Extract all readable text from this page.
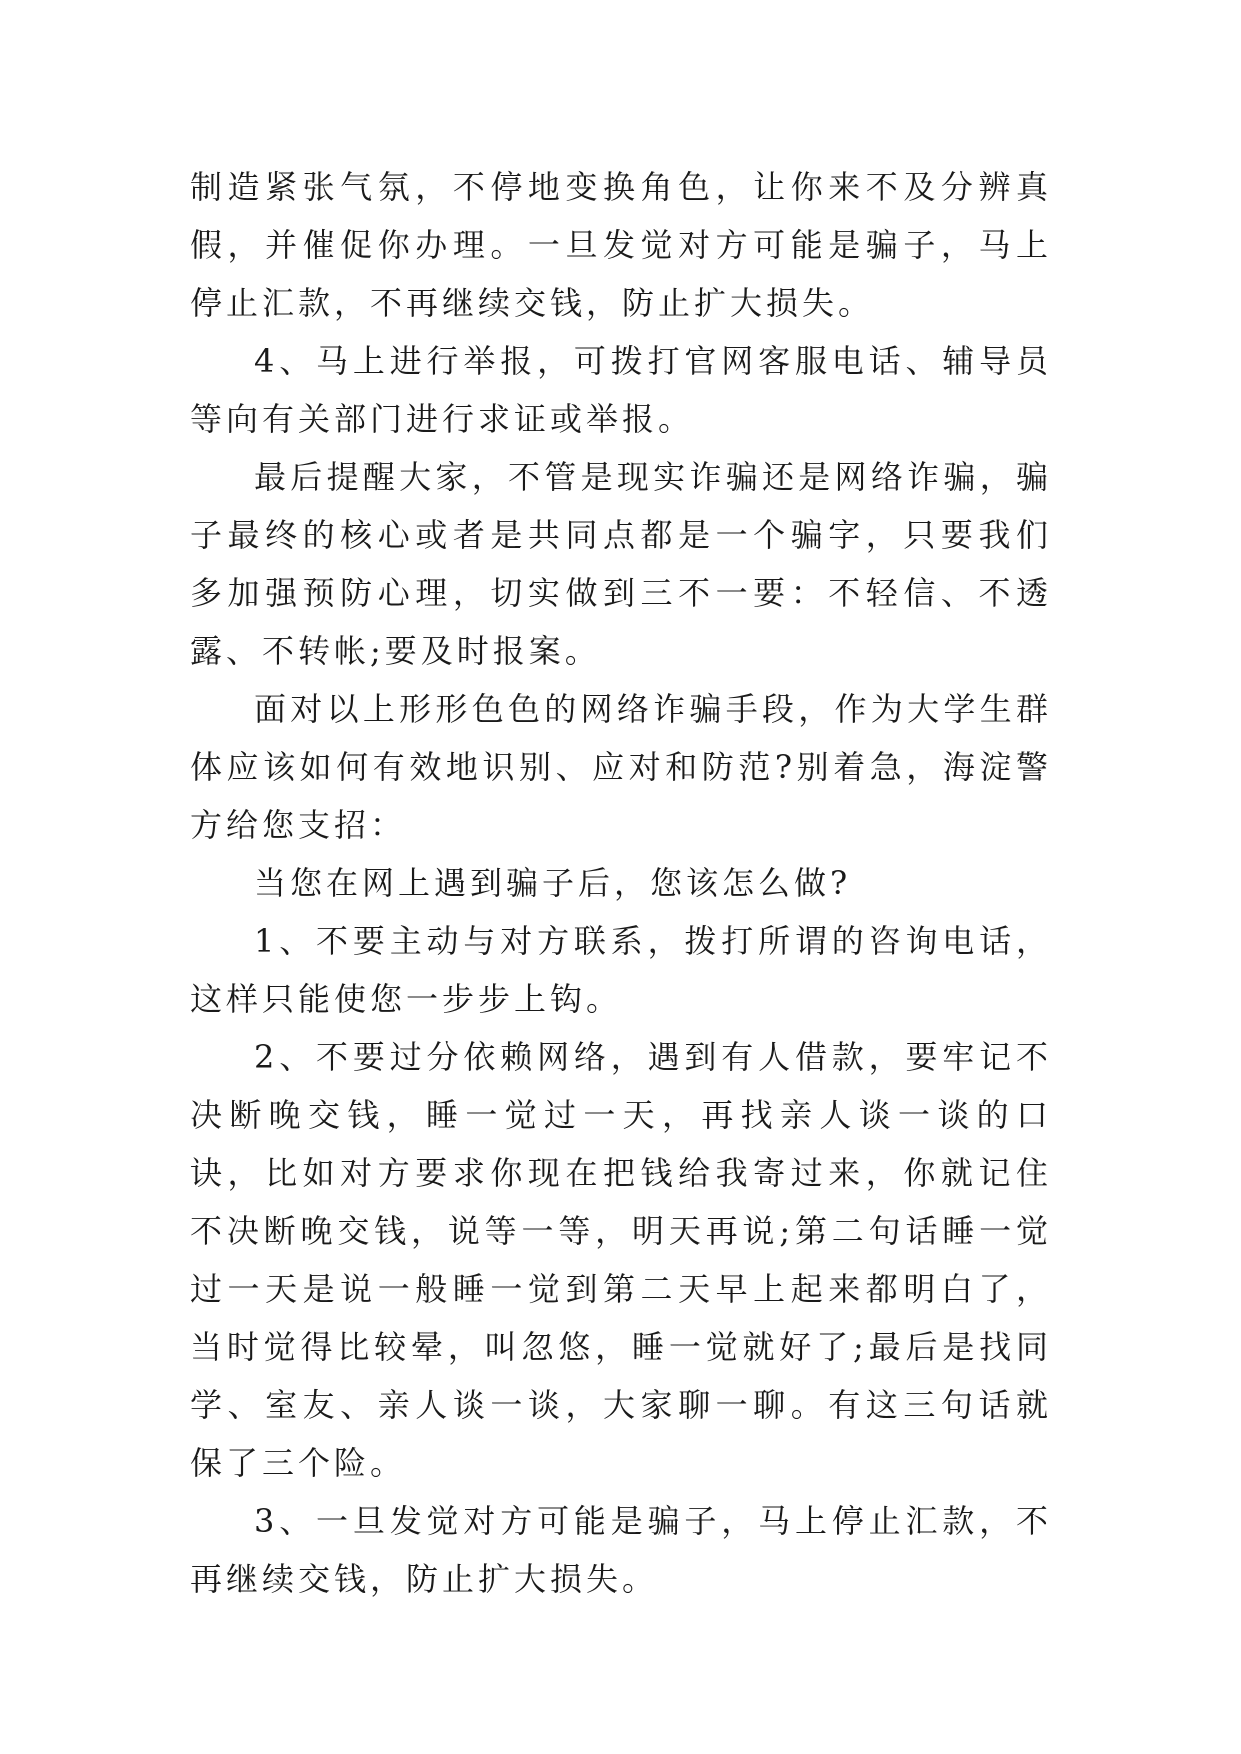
制造紧张气氛，不停地变换角色，让你来不及分辨真假，并催促你办理。一旦发觉对方可能是骗子，马上停止汇款，不再继续交钱，防止扩大损失。

4、马上进行举报，可拨打官网客服电话、辅导员等向有关部门进行求证或举报。

最后提醒大家，不管是现实诈骗还是网络诈骗，骗子最终的核心或者是共同点都是一个骗字，只要我们多加强预防心理，切实做到三不一要：不轻信、不透露、不转帐;要及时报案。

面对以上形形色色的网络诈骗手段，作为大学生群体应该如何有效地识别、应对和防范?别着急，海淀警方给您支招：

当您在网上遇到骗子后，您该怎么做?

1、不要主动与对方联系，拨打所谓的咨询电话，这样只能使您一步步上钩。

2、不要过分依赖网络，遇到有人借款，要牢记不决断晚交钱，睡一觉过一天，再找亲人谈一谈的口诀，比如对方要求你现在把钱给我寄过来，你就记住不决断晚交钱，说等一等，明天再说;第二句话睡一觉过一天是说一般睡一觉到第二天早上起来都明白了，当时觉得比较晕，叫忽悠，睡一觉就好了;最后是找同学、室友、亲人谈一谈，大家聊一聊。有这三句话就保了三个险。

3、一旦发觉对方可能是骗子，马上停止汇款，不再继续交钱，防止扩大损失。
